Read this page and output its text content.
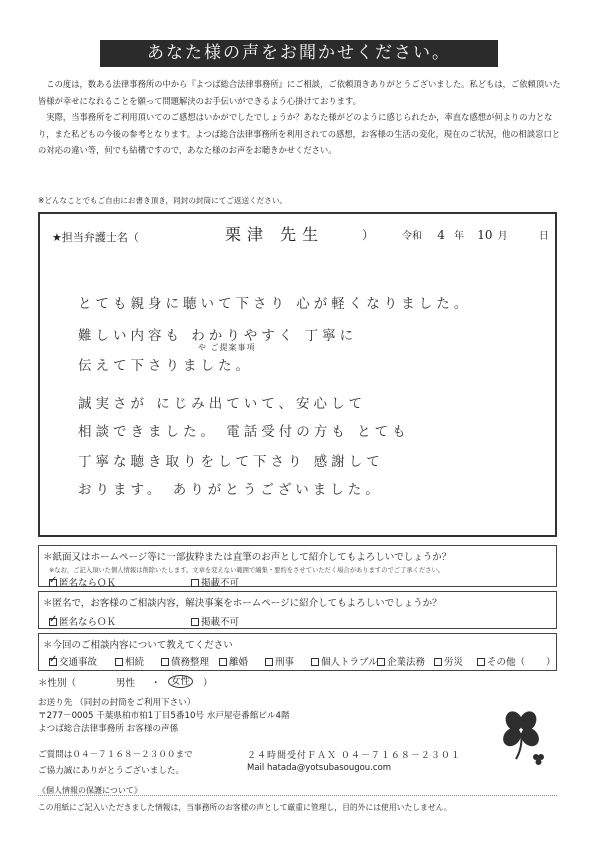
あなた様の声をお聞かせください。

この度は，数ある法律事務所の中から『よつば総合法律事務所』にご相談，ご依頼頂きありがとうございました。私どもは，ご依頼頂いた皆様が幸せになれることを願って問題解決のお手伝いができるよう心掛けております。

実際，当事務所をご利用頂いてのご感想はいかがでしたでしょうか？あなた様がどのように感じられたか，率直な感想が何よりの力となり，また私どもの今後の参考となります。よつば総合法律事務所を利用されての感想，お客様の生活の変化，現在のご状況，他の相談窓口との対応の違い等，何でも結構ですので，あなた様のお声をお聴きかせください。

※どんなことでもご自由にお書き頂き，同封の封筒にてご返送ください。
★担当弁護士名（	栗津 先生	）	令和 4 年 10 月	日
とても親身に聴いて下さり 心が軽くなりました。
難しい内容も わかりやすく 丁寧に
や ご提案事項
伝えて下さりました。
誠実さが にじみ出ていて、安心して
相談できました。 電話受付の方も とても
丁寧な聴き取りをして下さり 感謝して
おります。 ありがとうございました。
＊紙面又はホームページ等に一部抜粋または直筆のお声として紹介してもよろしいでしょうか？
※なお，ご記入頂いた個人情報は削除いたします。文章を変えない範囲で編集・要約をさせていただく場合がありますのでご了承ください。
✓匿名ならＯＫ	掲載不可
＊匿名で，お客様のご相談内容，解決事案をホームページに紹介してもよろしいでしょうか？
✓匿名ならＯＫ	掲載不可
＊今回のご相談内容について教えてください
✓交通事故	相続	債務整理	離婚	刑事	個人トラブル 企業法務	労災	その他（ ）
＊性別（	男性 ・	女性	）
お送り先 （同封の封筒をご利用下さい）
〒277－0005 千葉県柏市柏1丁目5番10号 水戸屋壱番館ビル4階
よつば総合法律事務所 お客様の声係
ご質問は０４－７１６８－２３００まで	２４時間受付ＦＡＸ ０４－７１６８－２３０１
ご協力誠にありがとうございました。	Mail hatada@yotsubasougou.com
《個人情報の保護について》
この用紙にご記入いただきました情報は，当事務所のお客様の声として厳重に管理し，目的外には使用いたしません。
